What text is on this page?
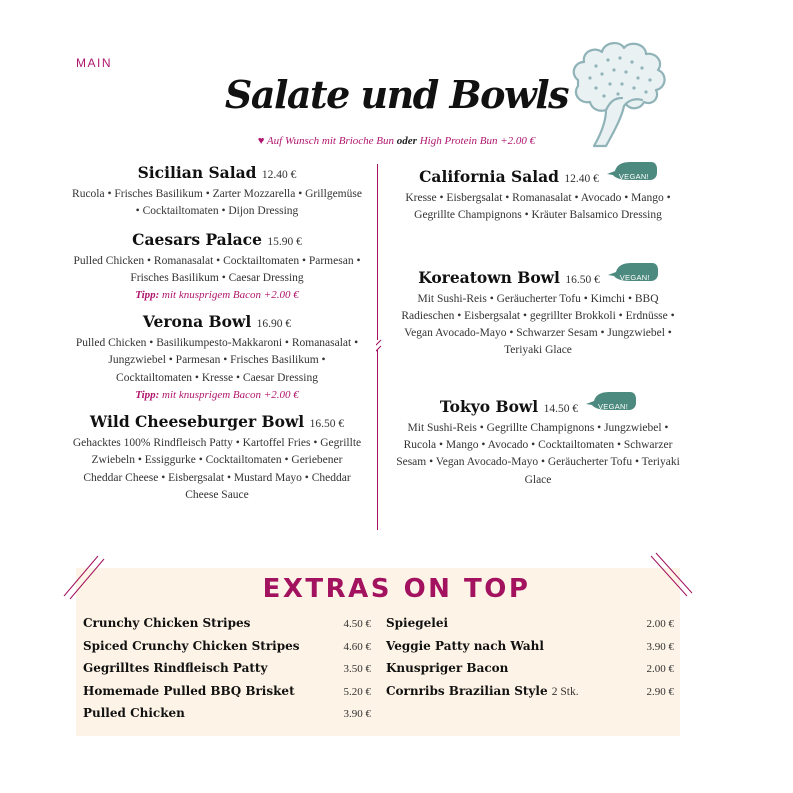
MAIN
Salate und Bowls
♥ Auf Wunsch mit Brioche Bun oder High Protein Bun +2.00 €
Sicilian Salad 12.40 €
Rucola • Frisches Basilikum • Zarter Mozzarella • Grillgemüse • Cocktailtomaten • Dijon Dressing
Caesars Palace 15.90 €
Pulled Chicken • Romanasalat • Cocktailtomaten • Parmesan • Frisches Basilikum • Caesar Dressing
Tipp: mit knusprigem Bacon +2.00 €
Verona Bowl 16.90 €
Pulled Chicken • Basilikumpesto-Makkaroni • Romanasalat • Jungzwiebel • Parmesan • Frisches Basilikum • Cocktailtomaten • Kresse • Caesar Dressing
Tipp: mit knusprigem Bacon +2.00 €
Wild Cheeseburger Bowl 16.50 €
Gehacktes 100% Rindfleisch Patty • Kartoffel Fries • Gegrillte Zwiebeln • Essiggurke • Cocktailtomaten • Geriebener Cheddar Cheese • Eisbergsalat • Mustard Mayo • Cheddar Cheese Sauce
California Salad 12.40 €	VEGAN!
Kresse • Eisbergsalat • Romanasalat • Avocado • Mango • Gegrillte Champignons • Kräuter Balsamico Dressing
Koreatown Bowl 16.50 €	VEGAN!
Mit Sushi-Reis • Geräucherter Tofu • Kimchi • BBQ Radieschen • Eisbergsalat • gegrillter Brokkoli • Erdnüsse • Vegan Avocado-Mayo • Schwarzer Sesam • Jungzwiebel • Teriyaki Glace
Tokyo Bowl 14.50 €	VEGAN!
Mit Sushi-Reis • Gegrillte Champignons • Jungzwiebel • Rucola • Mango • Avocado • Cocktailtomaten • Schwarzer Sesam • Vegan Avocado-Mayo • Geräucherter Tofu • Teriyaki Glace
EXTRAS ON TOP
Crunchy Chicken Stripes	4.50 €
Spiced Crunchy Chicken Stripes	4.60 €
Gegrilltes Rindfleisch Patty	3.50 €
Homemade Pulled BBQ Brisket	5.20 €
Pulled Chicken	3.90 €
Spiegelei	2.00 €
Veggie Patty nach Wahl	3.90 €
Knuspriger Bacon	2.00 €
Cornribs Brazilian Style 2 Stk.	2.90 €
